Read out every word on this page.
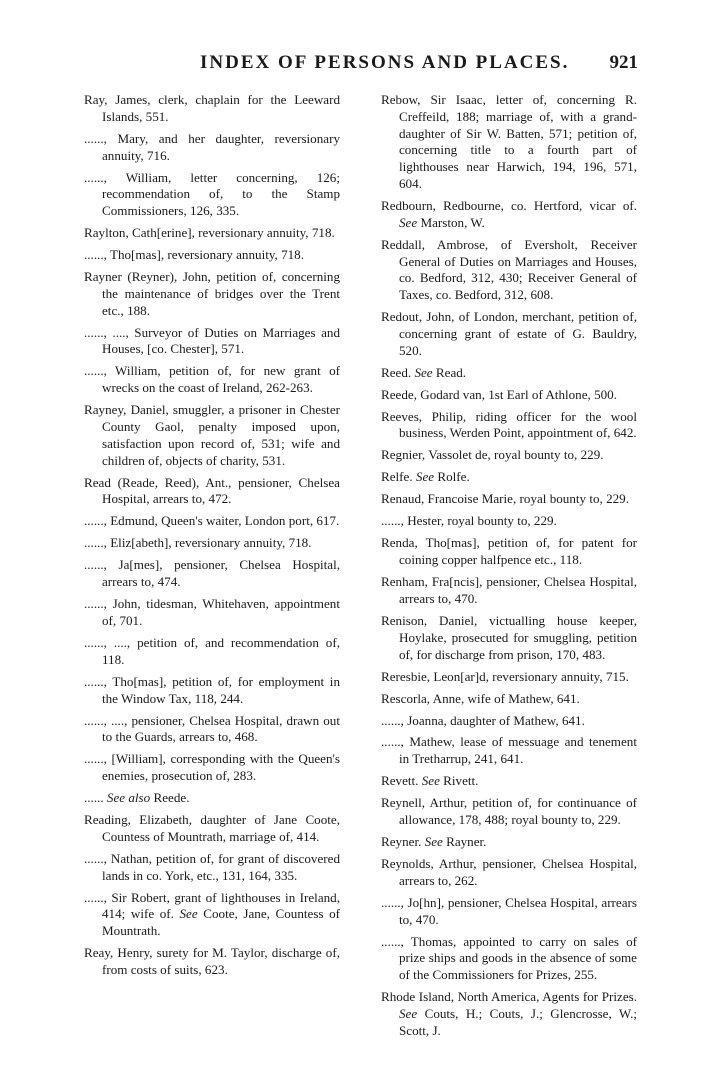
INDEX OF PERSONS AND PLACES. 921

Ray, James, clerk, chaplain for the Leeward Islands, 551.

......, Mary, and her daughter, reversionary annuity, 716.

......, William, letter concerning, 126; recommendation of, to the Stamp Commissioners, 126, 335.

Raylton, Cath[erine], reversionary annuity, 718.

......, Tho[mas], reversionary annuity, 718.

Rayner (Reyner), John, petition of, concerning the maintenance of bridges over the Trent etc., 188.

......, ...., Surveyor of Duties on Marriages and Houses, [co. Chester], 571.

......, William, petition of, for new grant of wrecks on the coast of Ireland, 262-263.

Rayney, Daniel, smuggler, a prisoner in Chester County Gaol, penalty imposed upon, satisfaction upon record of, 531; wife and children of, objects of charity, 531.

Read (Reade, Reed), Ant., pensioner, Chelsea Hospital, arrears to, 472.

......, Edmund, Queen's waiter, London port, 617.

......, Eliz[abeth], reversionary annuity, 718.

......, Ja[mes], pensioner, Chelsea Hospital, arrears to, 474.

......, John, tidesman, Whitehaven, appointment of, 701.

......, ...., petition of, and recommendation of, 118.

......, Tho[mas], petition of, for employment in the Window Tax, 118, 244.

......, ...., pensioner, Chelsea Hospital, drawn out to the Guards, arrears to, 468.

......, [William], corresponding with the Queen's enemies, prosecution of, 283.

...... See also Reede.

Reading, Elizabeth, daughter of Jane Coote, Countess of Mountrath, marriage of, 414.

......, Nathan, petition of, for grant of discovered lands in co. York, etc., 131, 164, 335.

......, Sir Robert, grant of lighthouses in Ireland, 414; wife of. See Coote, Jane, Countess of Mountrath.

Reay, Henry, surety for M. Taylor, discharge of, from costs of suits, 623.

Rebow, Sir Isaac, letter of, concerning R. Creffeild, 188; marriage of, with a grand-daughter of Sir W. Batten, 571; petition of, concerning title to a fourth part of lighthouses near Harwich, 194, 196, 571, 604.

Redbourn, Redbourne, co. Hertford, vicar of. See Marston, W.

Reddall, Ambrose, of Eversholt, Receiver General of Duties on Marriages and Houses, co. Bedford, 312, 430; Receiver General of Taxes, co. Bedford, 312, 608.

Redout, John, of London, merchant, petition of, concerning grant of estate of G. Bauldry, 520.

Reed. See Read.

Reede, Godard van, 1st Earl of Athlone, 500.

Reeves, Philip, riding officer for the wool business, Werden Point, appointment of, 642.

Regnier, Vassolet de, royal bounty to, 229.

Relfe. See Rolfe.

Renaud, Francoise Marie, royal bounty to, 229.

......, Hester, royal bounty to, 229.

Renda, Tho[mas], petition of, for patent for coining copper halfpence etc., 118.

Renham, Fra[ncis], pensioner, Chelsea Hospital, arrears to, 470.

Renison, Daniel, victualling house keeper, Hoylake, prosecuted for smuggling, petition of, for discharge from prison, 170, 483.

Reresbie, Leon[ar]d, reversionary annuity, 715.

Rescorla, Anne, wife of Mathew, 641.

......, Joanna, daughter of Mathew, 641.

......, Mathew, lease of messuage and tenement in Tretharrup, 241, 641.

Revett. See Rivett.

Reynell, Arthur, petition of, for continuance of allowance, 178, 488; royal bounty to, 229.

Reyner. See Rayner.

Reynolds, Arthur, pensioner, Chelsea Hospital, arrears to, 262.

......, Jo[hn], pensioner, Chelsea Hospital, arrears to, 470.

......, Thomas, appointed to carry on sales of prize ships and goods in the absence of some of the Commissioners for Prizes, 255.

Rhode Island, North America, Agents for Prizes. See Couts, H.; Couts, J.; Glencrosse, W.; Scott, J.
